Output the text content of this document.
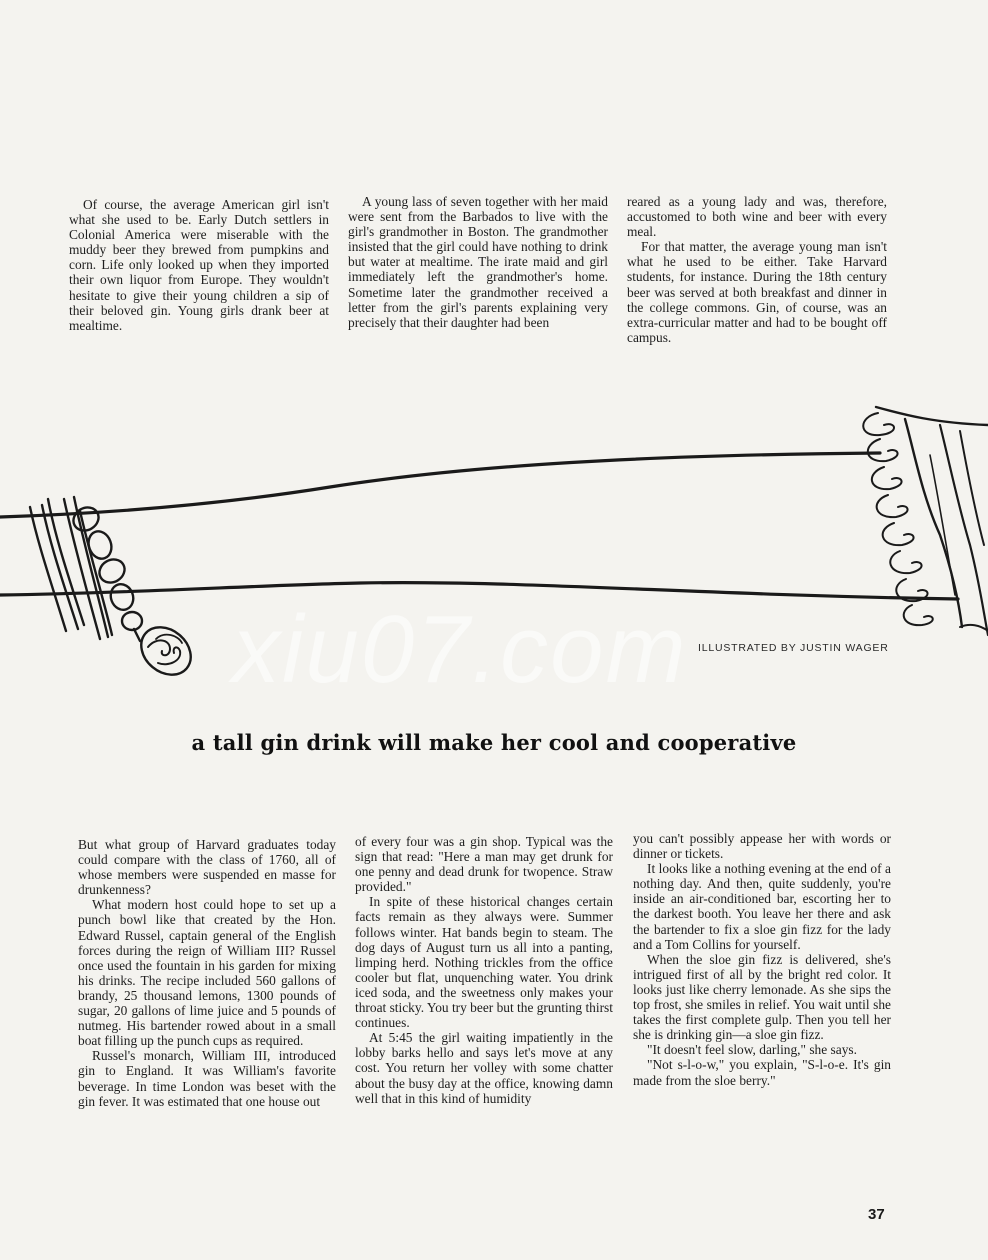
Of course, the average American girl isn't what she used to be. Early Dutch settlers in Colonial America were miserable with the muddy beer they brewed from pumpkins and corn. Life only looked up when they imported their own liquor from Europe. They wouldn't hesitate to give their young children a sip of their beloved gin. Young girls drank beer at mealtime.

A young lass of seven together with her maid were sent from the Barbados to live with the girl's grandmother in Boston. The grandmother insisted that the girl could have nothing to drink but water at mealtime. The irate maid and girl immediately left the grandmother's home. Sometime later the grandmother received a letter from the girl's parents explaining very precisely that their daughter had been

reared as a young lady and was, therefore, accustomed to both wine and beer with every meal.

For that matter, the average young man isn't what he used to be either. Take Harvard students, for instance. During the 18th century beer was served at both breakfast and dinner in the college commons. Gin, of course, was an extra-curricular matter and had to be bought off campus.

xiu07.com ILLUSTRATED BY JUSTIN WAGER
a tall gin drink will make her cool and cooperative

But what group of Harvard graduates today could compare with the class of 1760, all of whose members were suspended en masse for drunkenness?

What modern host could hope to set up a punch bowl like that created by the Hon. Edward Russel, captain general of the English forces during the reign of William III? Russel once used the fountain in his garden for mixing his drinks. The recipe included 560 gallons of brandy, 25 thousand lemons, 1300 pounds of sugar, 20 gallons of lime juice and 5 pounds of nutmeg. His bartender rowed about in a small boat filling up the punch cups as required.

Russel's monarch, William III, introduced gin to England. It was William's favorite beverage. In time London was beset with the gin fever. It was estimated that one house out

of every four was a gin shop. Typical was the sign that read: "Here a man may get drunk for one penny and dead drunk for twopence. Straw provided."

In spite of these historical changes certain facts remain as they always were. Summer follows winter. Hat bands begin to steam. The dog days of August turn us all into a panting, limping herd. Nothing trickles from the office cooler but flat, unquenching water. You drink iced soda, and the sweetness only makes your throat sticky. You try beer but the grunting thirst continues.

At 5:45 the girl waiting impatiently in the lobby barks hello and says let's move at any cost. You return her volley with some chatter about the busy day at the office, knowing damn well that in this kind of humidity

you can't possibly appease her with words or dinner or tickets.

It looks like a nothing evening at the end of a nothing day. And then, quite suddenly, you're inside an air-conditioned bar, escorting her to the darkest booth. You leave her there and ask the bartender to fix a sloe gin fizz for the lady and a Tom Collins for yourself.

When the sloe gin fizz is delivered, she's intrigued first of all by the bright red color. It looks just like cherry lemonade. As she sips the top frost, she smiles in relief. You wait until she takes the first complete gulp. Then you tell her she is drinking gin—a sloe gin fizz.

"It doesn't feel slow, darling," she says.

"Not s-l-o-w," you explain, "S-l-o-e. It's gin made from the sloe berry."

37
